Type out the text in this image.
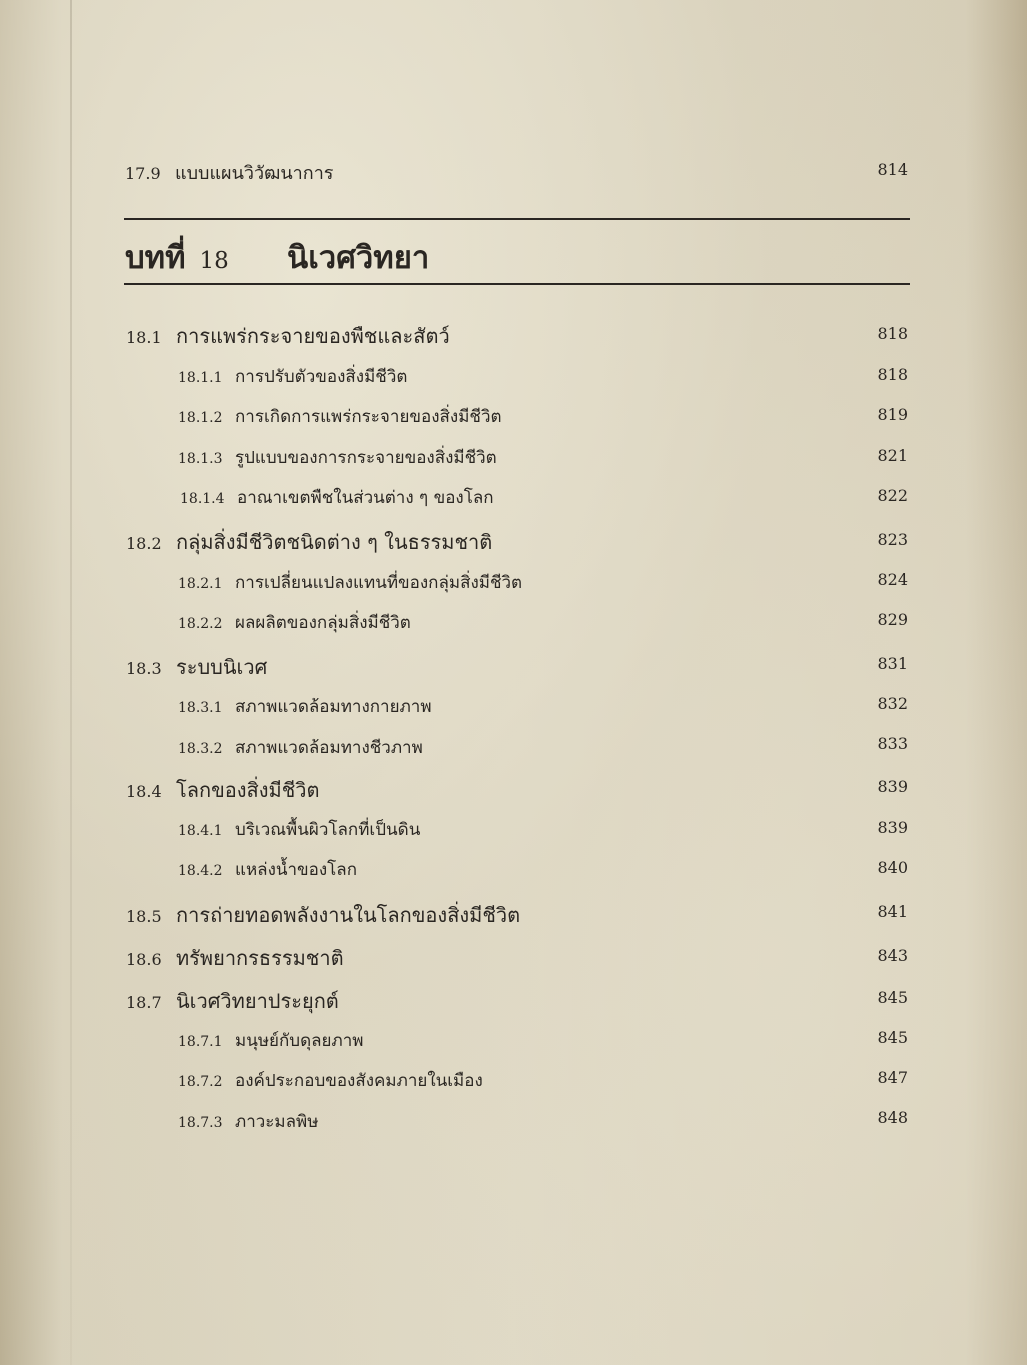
17.9 แบบแผนวิวัฒนาการ	814
บทที่ 18 นิเวศวิทยา
18.1 การแพร่กระจายของพืชและสัตว์	818
18.1.1 การปรับตัวของสิ่งมีชีวิต	818
18.1.2 การเกิดการแพร่กระจายของสิ่งมีชีวิต	819
18.1.3 รูปแบบของการกระจายของสิ่งมีชีวิต	821
18.1.4 อาณาเขตพืชในส่วนต่าง ๆ ของโลก	822
18.2 กลุ่มสิ่งมีชีวิตชนิดต่าง ๆ ในธรรมชาติ	823
18.2.1 การเปลี่ยนแปลงแทนที่ของกลุ่มสิ่งมีชีวิต	824
18.2.2 ผลผลิตของกลุ่มสิ่งมีชีวิต	829
18.3 ระบบนิเวศ	831
18.3.1 สภาพแวดล้อมทางกายภาพ	832
18.3.2 สภาพแวดล้อมทางชีวภาพ	833
18.4 โลกของสิ่งมีชีวิต	839
18.4.1 บริเวณพื้นผิวโลกที่เป็นดิน	839
18.4.2 แหล่งน้ำของโลก	840
18.5 การถ่ายทอดพลังงานในโลกของสิ่งมีชีวิต	841
18.6 ทรัพยากรธรรมชาติ	843
18.7 นิเวศวิทยาประยุกต์	845
18.7.1 มนุษย์กับดุลยภาพ	845
18.7.2 องค์ประกอบของสังคมภายในเมือง	847
18.7.3 ภาวะมลพิษ	848
